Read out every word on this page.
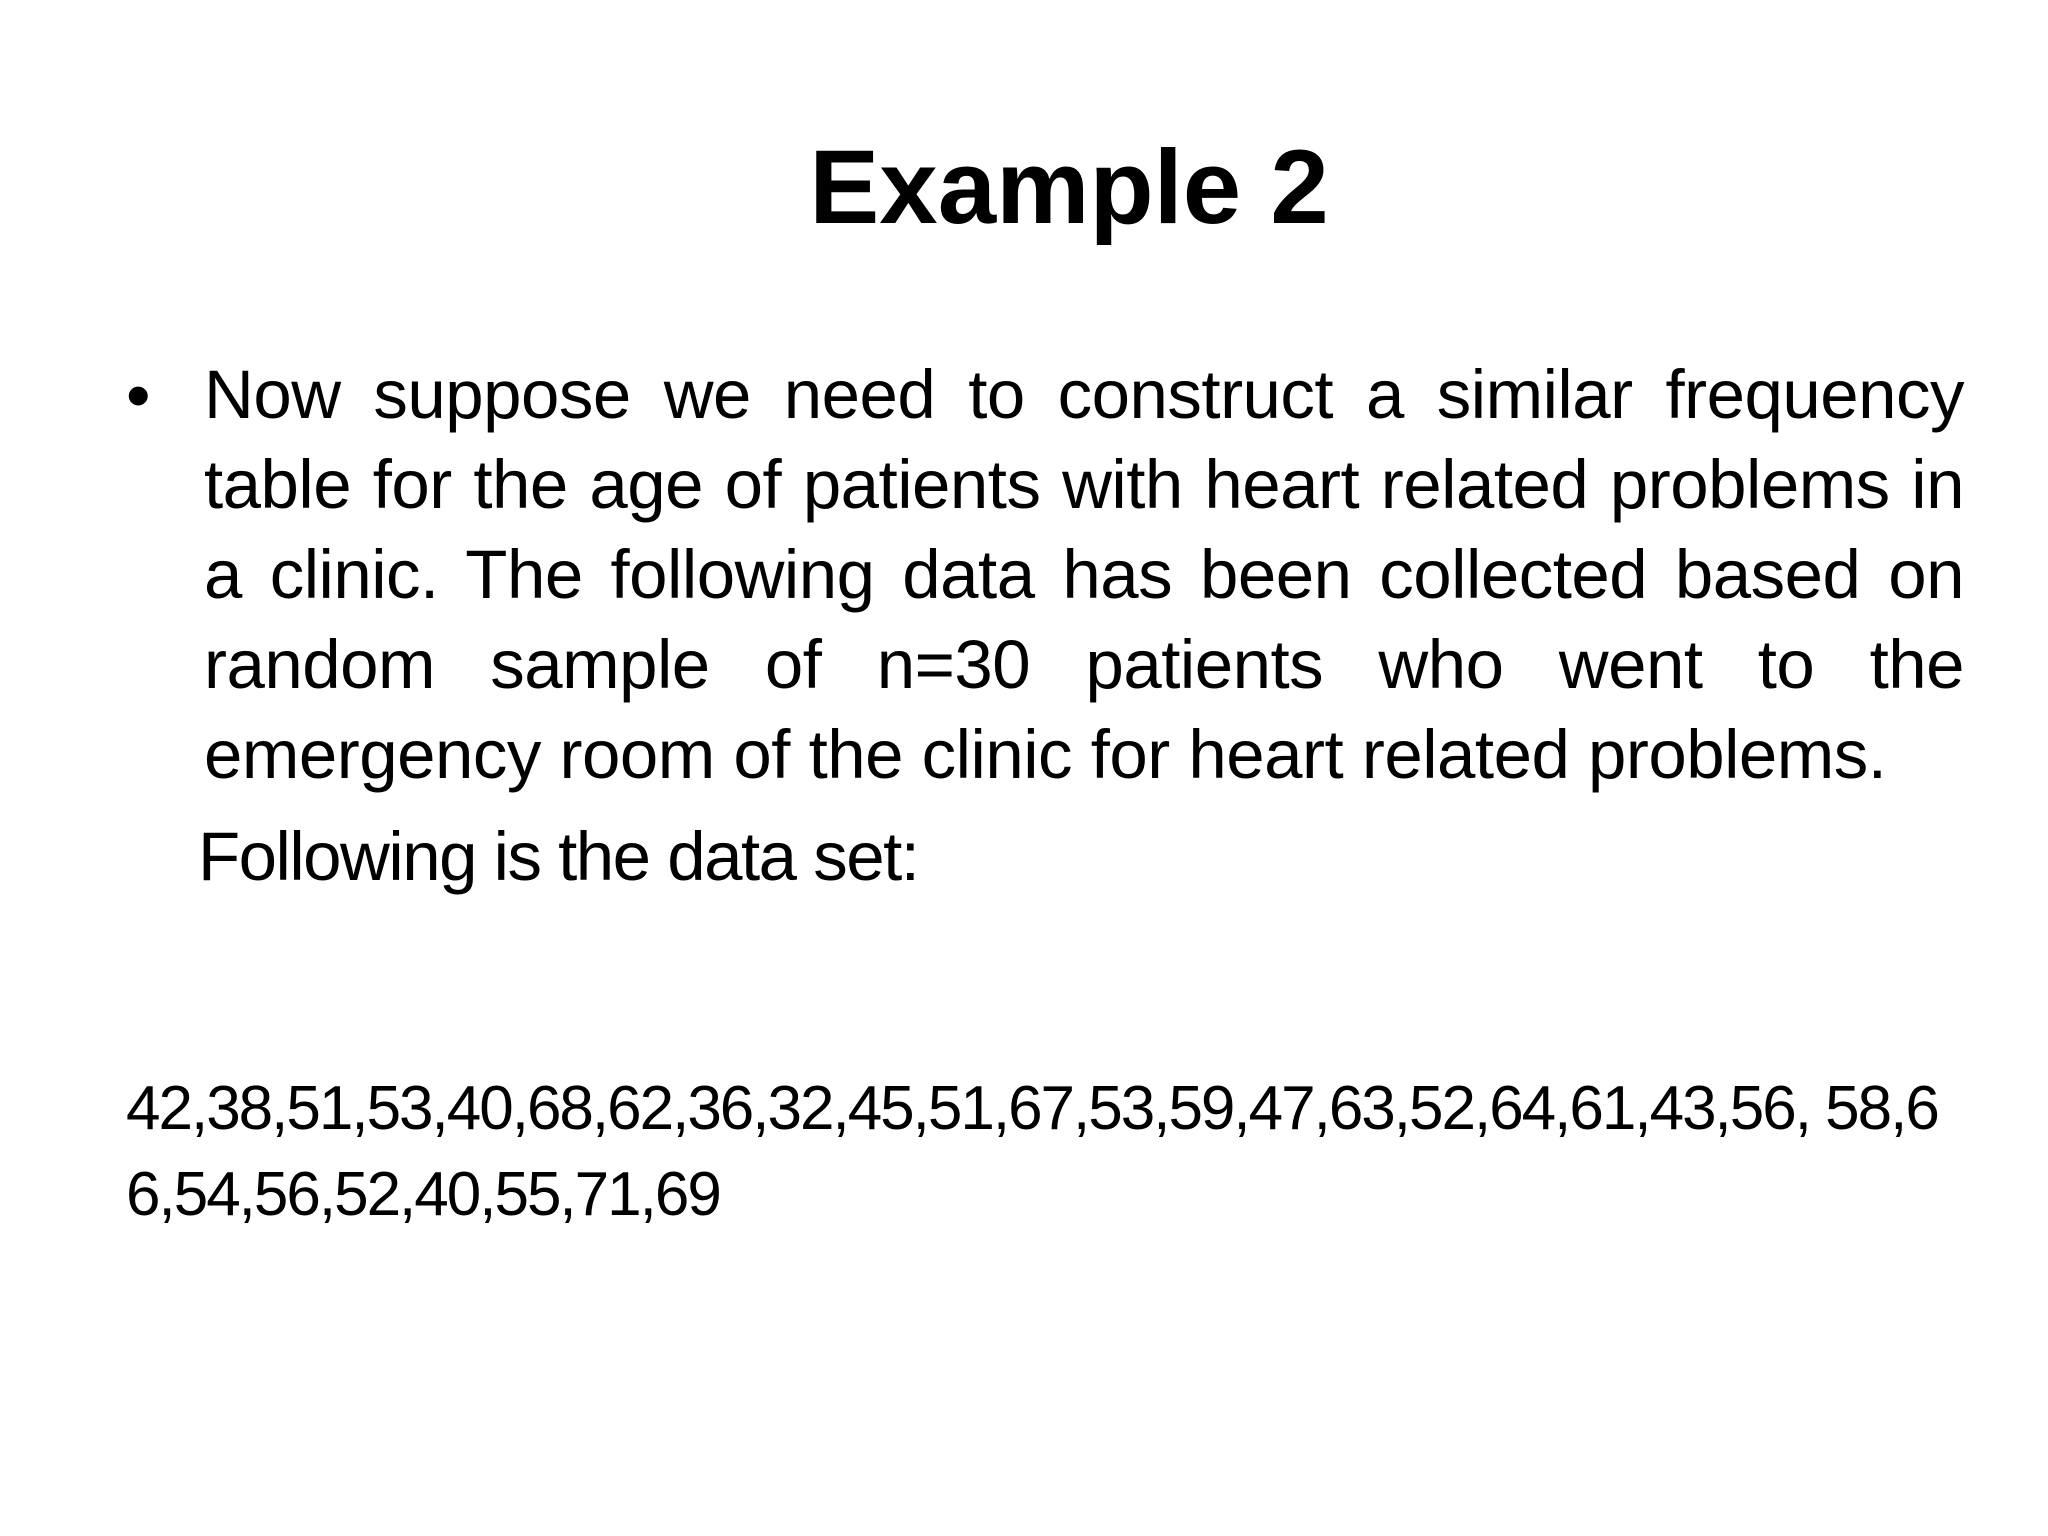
Example 2
• Now suppose we need to construct a similar frequency table for the age of patients with heart related problems in a clinic. The following data has been collected based on random sample of n=30 patients who went to the emergency room of the clinic for heart related problems.
Following is the data set:
42,38,51,53,40,68,62,36,32,45,51,67,53,59,47,63,52,64,61,43,56, 58,66,54,56,52,40,55,71,69
